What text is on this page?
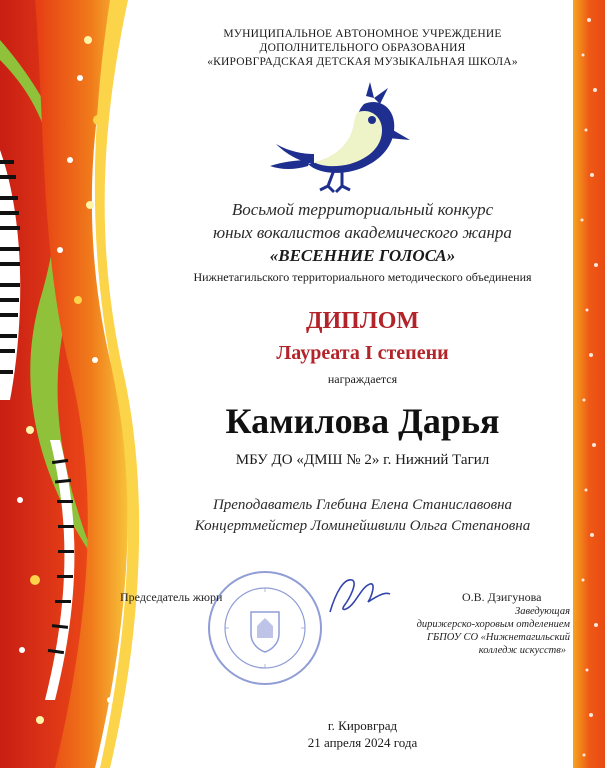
МУНИЦИПАЛЬНОЕ АВТОНОМНОЕ УЧРЕЖДЕНИЕ
ДОПОЛНИТЕЛЬНОГО ОБРАЗОВАНИЯ
«КИРОВГРАДСКАЯ ДЕТСКАЯ МУЗЫКАЛЬНАЯ ШКОЛА»
Восьмой территориальный конкурс
юных вокалистов академического жанра
«ВЕСЕННИЕ ГОЛОСА»
Нижнетагильского территориального методического объединения
ДИПЛОМ
Лауреата I степени
награждается
Камилова Дарья
МБУ ДО «ДМШ № 2» г. Нижний Тагил
Преподаватель Глебина Елена Станиславовна
Концертмейстер Ломинейшвили Ольга Степановна
Председатель жюри	О.В. Дзигунова
Заведующая
дирижерско-хоровым отделением
ГБПОУ СО «Нижнетагильский
колледж искусств»
г. Кировград
21 апреля 2024 года
